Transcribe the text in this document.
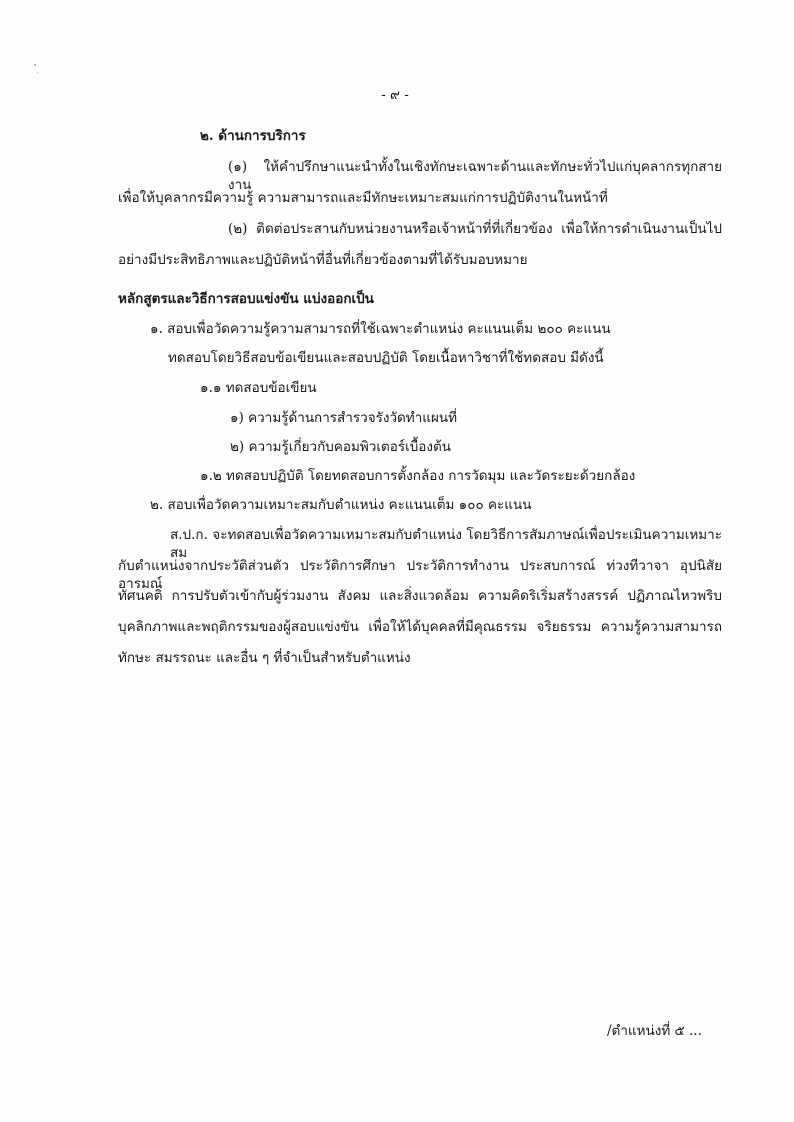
- ๙ -
๒. ด้านการบริการ
(๑) ให้คำปรึกษาแนะนำทั้งในเชิงทักษะเฉพาะด้านและทักษะทั่วไปแก่บุคลากรทุกสายงาน
เพื่อให้บุคลากรมีความรู้ ความสามารถและมีทักษะเหมาะสมแก่การปฏิบัติงานในหน้าที่
(๒) ติดต่อประสานกับหน่วยงานหรือเจ้าหน้าที่ที่เกี่ยวข้อง เพื่อให้การดำเนินงานเป็นไป
อย่างมีประสิทธิภาพและปฏิบัติหน้าที่อื่นที่เกี่ยวข้องตามที่ได้รับมอบหมาย
หลักสูตรและวิธีการสอบแข่งขัน แบ่งออกเป็น
๑. สอบเพื่อวัดความรู้ความสามารถที่ใช้เฉพาะตำแหน่ง คะแนนเต็ม ๒๐๐ คะแนน
ทดสอบโดยวิธีสอบข้อเขียนและสอบปฏิบัติ โดยเนื้อหาวิชาที่ใช้ทดสอบ มีดังนี้
๑.๑ ทดสอบข้อเขียน
๑) ความรู้ด้านการสำรวจรังวัดทำแผนที่
๒) ความรู้เกี่ยวกับคอมพิวเตอร์เบื้องต้น
๑.๒ ทดสอบปฏิบัติ โดยทดสอบการตั้งกล้อง การวัดมุม และวัดระยะด้วยกล้อง
๒. สอบเพื่อวัดความเหมาะสมกับตำแหน่ง คะแนนเต็ม ๑๐๐ คะแนน
ส.ป.ก. จะทดสอบเพื่อวัดความเหมาะสมกับตำแหน่ง โดยวิธีการสัมภาษณ์เพื่อประเมินความเหมาะสม
กับตำแหน่งจากประวัติส่วนตัว ประวัติการศึกษา ประวัติการทำงาน ประสบการณ์ ท่วงทีวาจา อุปนิสัย อารมณ์
ทัศนคติ การปรับตัวเข้ากับผู้ร่วมงาน สังคม และสิ่งแวดล้อม ความคิดริเริ่มสร้างสรรค์ ปฏิภาณไหวพริบ
บุคลิกภาพและพฤติกรรมของผู้สอบแข่งขัน เพื่อให้ได้บุคคลที่มีคุณธรรม จริยธรรม ความรู้ความสามารถ
ทักษะ สมรรถนะ และอื่น ๆ ที่จำเป็นสำหรับตำแหน่ง
/ตำแหน่งที่ ๕ ...
